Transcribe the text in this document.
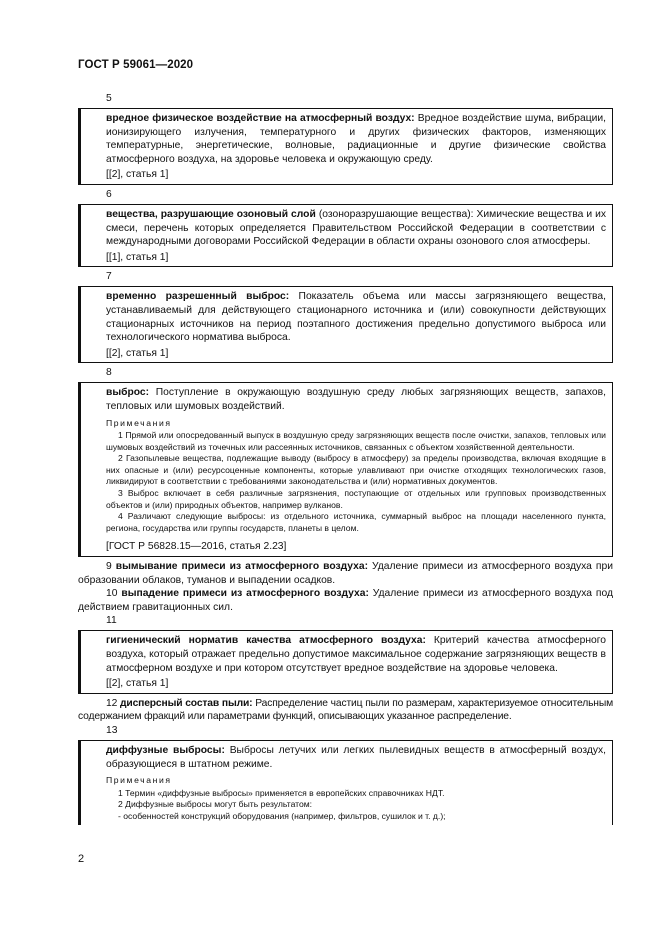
ГОСТ Р 59061—2020
5

вредное физическое воздействие на атмосферный воздух: Вредное воздействие шума, вибрации, ионизирующего излучения, температурного и других физических факторов, изменяющих температурные, энергетические, волновые, радиационные и другие физические свойства атмосферного воздуха, на здоровье человека и окружающую среду.

[[2], статья 1]
6

вещества, разрушающие озоновый слой (озоноразрушающие вещества): Химические вещества и их смеси, перечень которых определяется Правительством Российской Федерации в соответствии с международными договорами Российской Федерации в области охраны озонового слоя атмосферы.

[[1], статья 1]
7

временно разрешенный выброс: Показатель объема или массы загрязняющего вещества, устанавливаемый для действующего стационарного источника и (или) совокупности действующих стационарных источников на период поэтапного достижения предельно допустимого выброса или технологического норматива выброса.

[[2], статья 1]
8

выброс: Поступление в окружающую воздушную среду любых загрязняющих веществ, запахов, тепловых или шумовых воздействий.

Примечания

1 Прямой или опосредованный выпуск в воздушную среду загрязняющих веществ после очистки, запахов, тепловых или шумовых воздействий из точечных или рассеянных источников, связанных с объектом хозяйственной деятельности.

2 Газопылевые вещества, подлежащие выводу (выбросу в атмосферу) за пределы производства, включая входящие в них опасные и (или) ресурсоценные компоненты, которые улавливают при очистке отходящих технологических газов, ликвидируют в соответствии с требованиями законодательства и (или) нормативных документов.

3 Выброс включает в себя различные загрязнения, поступающие от отдельных или групповых производственных объектов и (или) природных объектов, например вулканов.

4 Различают следующие выбросы: из отдельного источника, суммарный выброс на площади населенного пункта, региона, государства или группы государств, планеты в целом.

[ГОСТ Р 56828.15—2016, статья 2.23]

9 вымывание примеси из атмосферного воздуха: Удаление примеси из атмосферного воздуха при образовании облаков, туманов и выпадении осадков.

10 выпадение примеси из атмосферного воздуха: Удаление примеси из атмосферного воздуха под действием гравитационных сил.

11

гигиенический норматив качества атмосферного воздуха: Критерий качества атмосферного воздуха, который отражает предельно допустимое максимальное содержание загрязняющих веществ в атмосферном воздухе и при котором отсутствует вредное воздействие на здоровье человека.

[[2], статья 1]

12 дисперсный состав пыли: Распределение частиц пыли по размерам, характеризуемое относительным содержанием фракций или параметрами функций, описывающих указанное распределение.

13

диффузные выбросы: Выбросы летучих или легких пылевидных веществ в атмосферный воздух, образующиеся в штатном режиме.

Примечания

1 Термин «диффузные выбросы» применяется в европейских справочниках НДТ.

2 Диффузные выбросы могут быть результатом:

- особенностей конструкций оборудования (например, фильтров, сушилок и т. д.);

2
